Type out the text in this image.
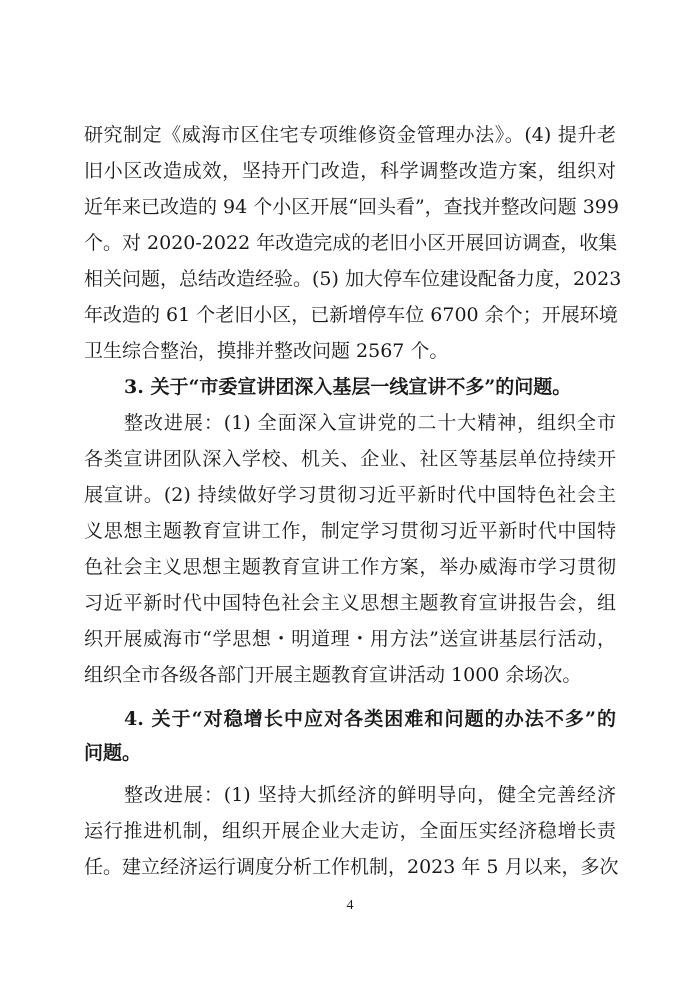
研究制定《威海市区住宅专项维修资金管理办法》。(4) 提升老
旧小区改造成效，坚持开门改造，科学调整改造方案，组织对
近年来已改造的 94 个小区开展“回头看”，查找并整改问题 399
个。对 2020-2022 年改造完成的老旧小区开展回访调查，收集
相关问题，总结改造经验。(5) 加大停车位建设配备力度，2023
年改造的 61 个老旧小区，已新增停车位 6700 余个；开展环境
卫生综合整治，摸排并整改问题 2567 个。
3. 关于“市委宣讲团深入基层一线宣讲不多”的问题。
整改进展：(1) 全面深入宣讲党的二十大精神，组织全市
各类宣讲团队深入学校、机关、企业、社区等基层单位持续开
展宣讲。(2) 持续做好学习贯彻习近平新时代中国特色社会主
义思想主题教育宣讲工作，制定学习贯彻习近平新时代中国特
色社会主义思想主题教育宣讲工作方案，举办威海市学习贯彻
习近平新时代中国特色社会主义思想主题教育宣讲报告会，组
织开展威海市“学思想・明道理・用方法”送宣讲基层行活动，
组织全市各级各部门开展主题教育宣讲活动 1000 余场次。
4. 关于“对稳增长中应对各类困难和问题的办法不多”的
问题。
整改进展：(1) 坚持大抓经济的鲜明导向，健全完善经济
运行推进机制，组织开展企业大走访，全面压实经济稳增长责
任。建立经济运行调度分析工作机制，2023 年 5 月以来，多次
4
